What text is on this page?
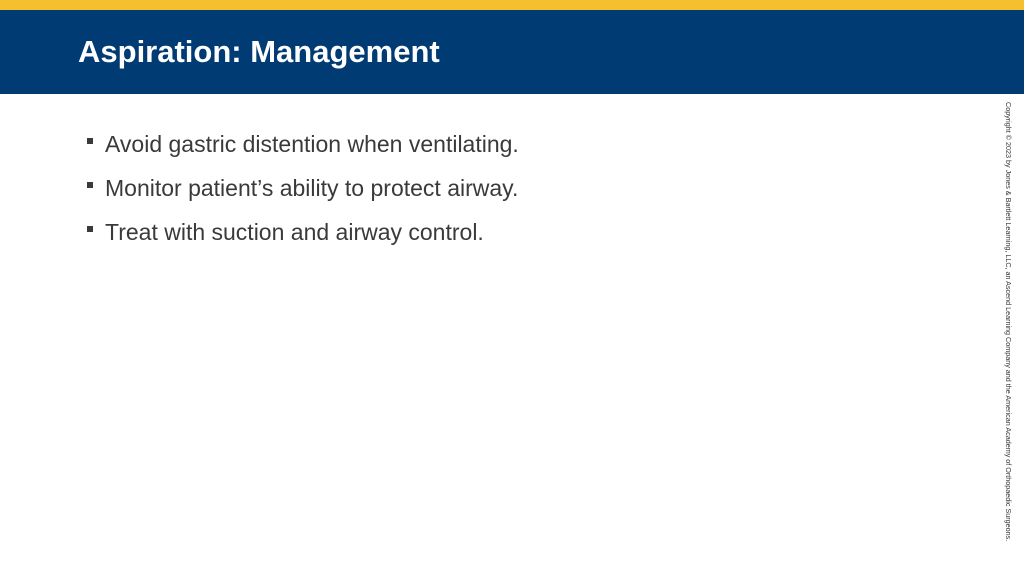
Aspiration: Management
Avoid gastric distention when ventilating.
Monitor patient’s ability to protect airway.
Treat with suction and airway control.	Copyright © 2023 by Jones & Bartlett Learning, LLC, an Ascend Learning Company and the American Academy of Orthopaedic Surgeons.
